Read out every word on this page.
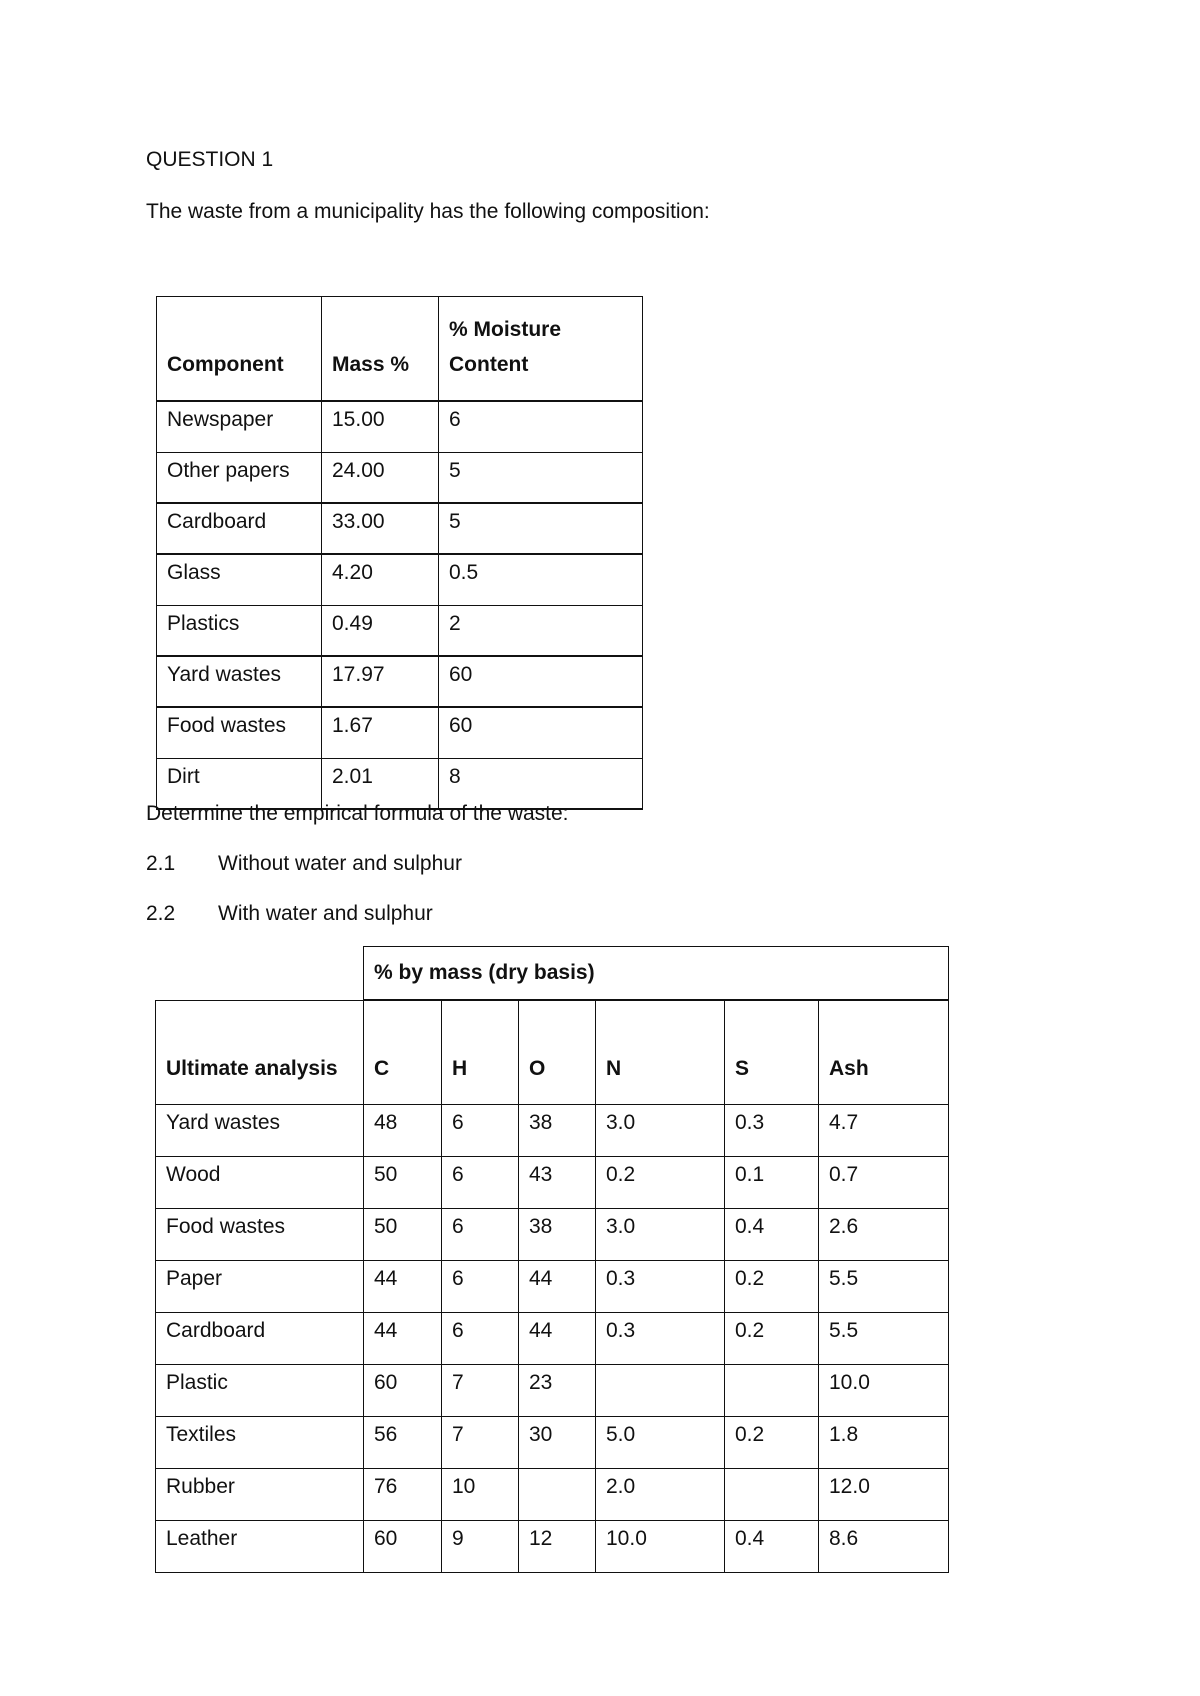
QUESTION 1
The waste from a municipality has the following composition:
Component	Mass %	% Moisture Content
Newspaper	15.00	6
Other papers	24.00	5
Cardboard	33.00	5
Glass	4.20	0.5
Plastics	0.49	2
Yard wastes	17.97	60
Food wastes	1.67	60
Dirt	2.01	8
Determine the empirical formula of the waste:
2.1 Without water and sulphur
2.2 With water and sulphur
	% by mass (dry basis)					
Ultimate analysis	C	H	O	N	S	Ash
Yard wastes	48	6	38	3.0	0.3	4.7
Wood	50	6	43	0.2	0.1	0.7
Food wastes	50	6	38	3.0	0.4	2.6
Paper	44	6	44	0.3	0.2	5.5
Cardboard	44	6	44	0.3	0.2	5.5
Plastic	60	7	23			10.0
Textiles	56	7	30	5.0	0.2	1.8
Rubber	76	10		2.0		12.0
Leather	60	9	12	10.0	0.4	8.6
